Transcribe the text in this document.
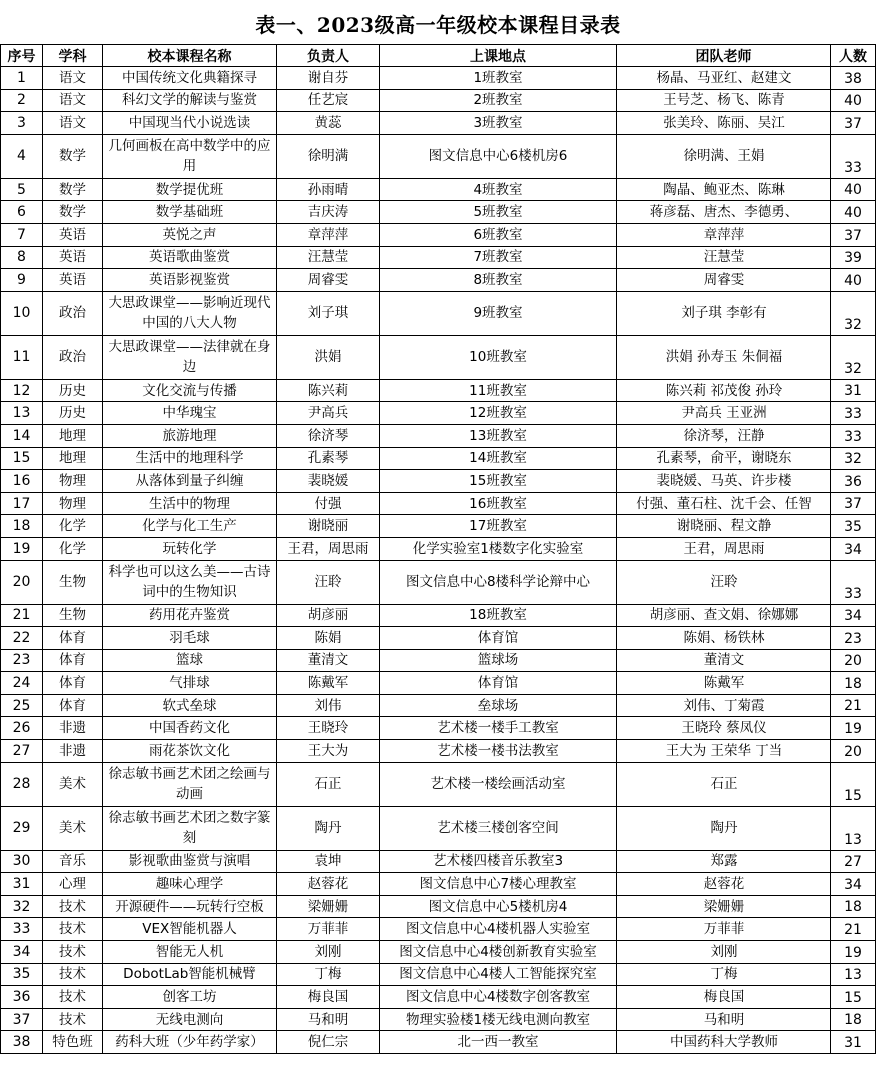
表一、2023级高一年级校本课程目录表
序号	学科	校本课程名称	负责人	上课地点	团队老师	人数
1	语文	中国传统文化典籍探寻	谢自芬	1班教室	杨晶、马亚红、赵建文	38
2	语文	科幻文学的解读与鉴赏	任艺宸	2班教室	王号芝、杨飞、陈青	40
3	语文	中国现当代小说选读	黄蕊	3班教室	张美玲、陈丽、吴江	37
4	数学	几何画板在高中数学中的应用	徐明满	图文信息中心6楼机房6	徐明满、王娟	33
5	数学	数学提优班	孙雨晴	4班教室	陶晶、鲍亚杰、陈琳	40
6	数学	数学基础班	吉庆涛	5班教室	蒋彦磊、唐杰、李德勇、	40
7	英语	英悦之声	章萍萍	6班教室	章萍萍	37
8	英语	英语歌曲鉴赏	汪慧莹	7班教室	汪慧莹	39
9	英语	英语影视鉴赏	周睿雯	8班教室	周睿雯	40
10	政治	大思政课堂——影响近现代中国的八大人物	刘子琪	9班教室	刘子琪 李彰有	32
11	政治	大思政课堂——法律就在身边	洪娟	10班教室	洪娟 孙寿玉 朱侗福	32
12	历史	文化交流与传播	陈兴莉	11班教室	陈兴莉 祁茂俊 孙玲	31
13	历史	中华瑰宝	尹高兵	12班教室	尹高兵 王亚洲	33
14	地理	旅游地理	徐济琴	13班教室	徐济琴，汪静	33
15	地理	生活中的地理科学	孔素琴	14班教室	孔素琴，俞平，谢晓东	32
16	物理	从落体到量子纠缠	裴晓媛	15班教室	裴晓媛、马英、许步楼	36
17	物理	生活中的物理	付强	16班教室	付强、董石柱、沈千会、任智	37
18	化学	化学与化工生产	谢晓丽	17班教室	谢晓丽、程文静	35
19	化学	玩转化学	王君，周思雨	化学实验室1楼数字化实验室	王君，周思雨	34
20	生物	科学也可以这么美——古诗词中的生物知识	汪聆	图文信息中心8楼科学论辩中心	汪聆	33
21	生物	药用花卉鉴赏	胡彦丽	18班教室	胡彦丽、查文娟、徐娜娜	34
22	体育	羽毛球	陈娟	体育馆	陈娟、杨铁林	23
23	体育	篮球	董清文	篮球场	董清文	20
24	体育	气排球	陈戴军	体育馆	陈戴军	18
25	体育	软式垒球	刘伟	垒球场	刘伟、丁菊霞	21
26	非遗	中国香药文化	王晓玲	艺术楼一楼手工教室	王晓玲 蔡凤仪	19
27	非遗	雨花茶饮文化	王大为	艺术楼一楼书法教室	王大为 王荣华 丁当	20
28	美术	徐志敏书画艺术团之绘画与动画	石正	艺术楼一楼绘画活动室	石正	15
29	美术	徐志敏书画艺术团之数字篆刻	陶丹	艺术楼三楼创客空间	陶丹	13
30	音乐	影视歌曲鉴赏与演唱	袁坤	艺术楼四楼音乐教室3	郑露	27
31	心理	趣味心理学	赵蓉花	图文信息中心7楼心理教室	赵蓉花	34
32	技术	开源硬件——玩转行空板	梁姗姗	图文信息中心5楼机房4	梁姗姗	18
33	技术	VEX智能机器人	万菲菲	图文信息中心4楼机器人实验室	万菲菲	21
34	技术	智能无人机	刘刚	图文信息中心4楼创新教育实验室	刘刚	19
35	技术	DobotLab智能机械臂	丁梅	图文信息中心4楼人工智能探究室	丁梅	13
36	技术	创客工坊	梅良国	图文信息中心4楼数字创客教室	梅良国	15
37	技术	无线电测向	马和明	物理实验楼1楼无线电测向教室	马和明	18
38	特色班	药科大班（少年药学家）	倪仁宗	北一西一教室	中国药科大学教师	31
